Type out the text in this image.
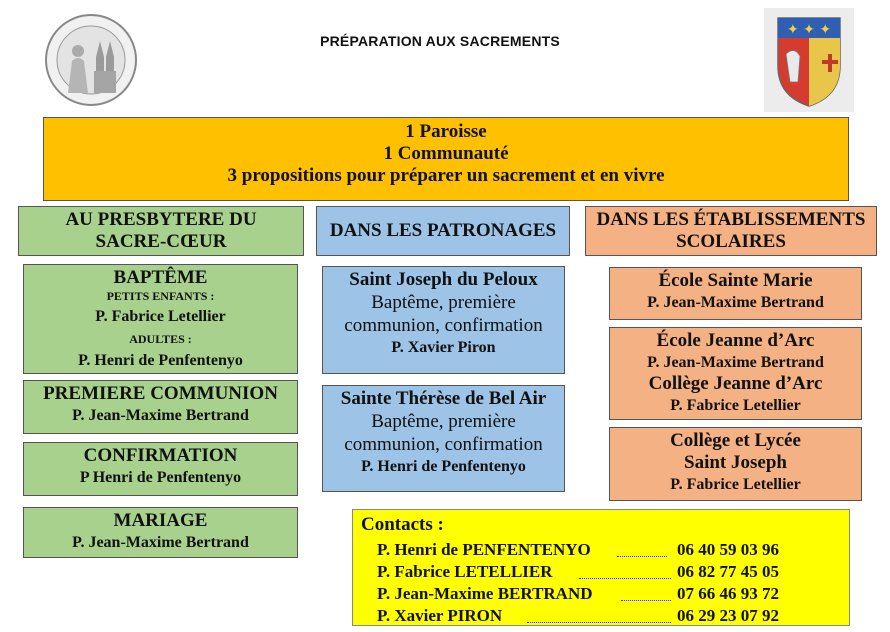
PRÉPARATION AUX SACREMENTS
✦ ✦ ✦
1 Paroisse
1 Communauté
3 propositions pour préparer un sacrement et en vivre
AU PRESBYTERE DU
SACRE-CŒUR
DANS LES PATRONAGES
DANS LES ÉTABLISSEMENTS
SCOLAIRES
BAPTÊME
PETITS ENFANTS :
P. Fabrice Letellier
ADULTES :
P. Henri de Penfentenyo
PREMIERE COMMUNION
P. Jean-Maxime Bertrand
CONFIRMATION
P Henri de Penfentenyo
MARIAGE
P. Jean-Maxime Bertrand
Saint Joseph du Peloux
Baptême, première
communion, confirmation
P. Xavier Piron
Sainte Thérèse de Bel Air
Baptême, première
communion, confirmation
P. Henri de Penfentenyo
École Sainte Marie
P. Jean-Maxime Bertrand
École Jeanne d’Arc
P. Jean-Maxime Bertrand
Collège Jeanne d’Arc
P. Fabrice Letellier
Collège et Lycée
Saint Joseph
P. Fabrice Letellier
Contacts :
P. Henri de PENFENTENYO	06 40 59 03 96
P. Fabrice LETELLIER	06 82 77 45 05
P. Jean-Maxime BERTRAND	07 66 46 93 72
P. Xavier PIRON	06 29 23 07 92
